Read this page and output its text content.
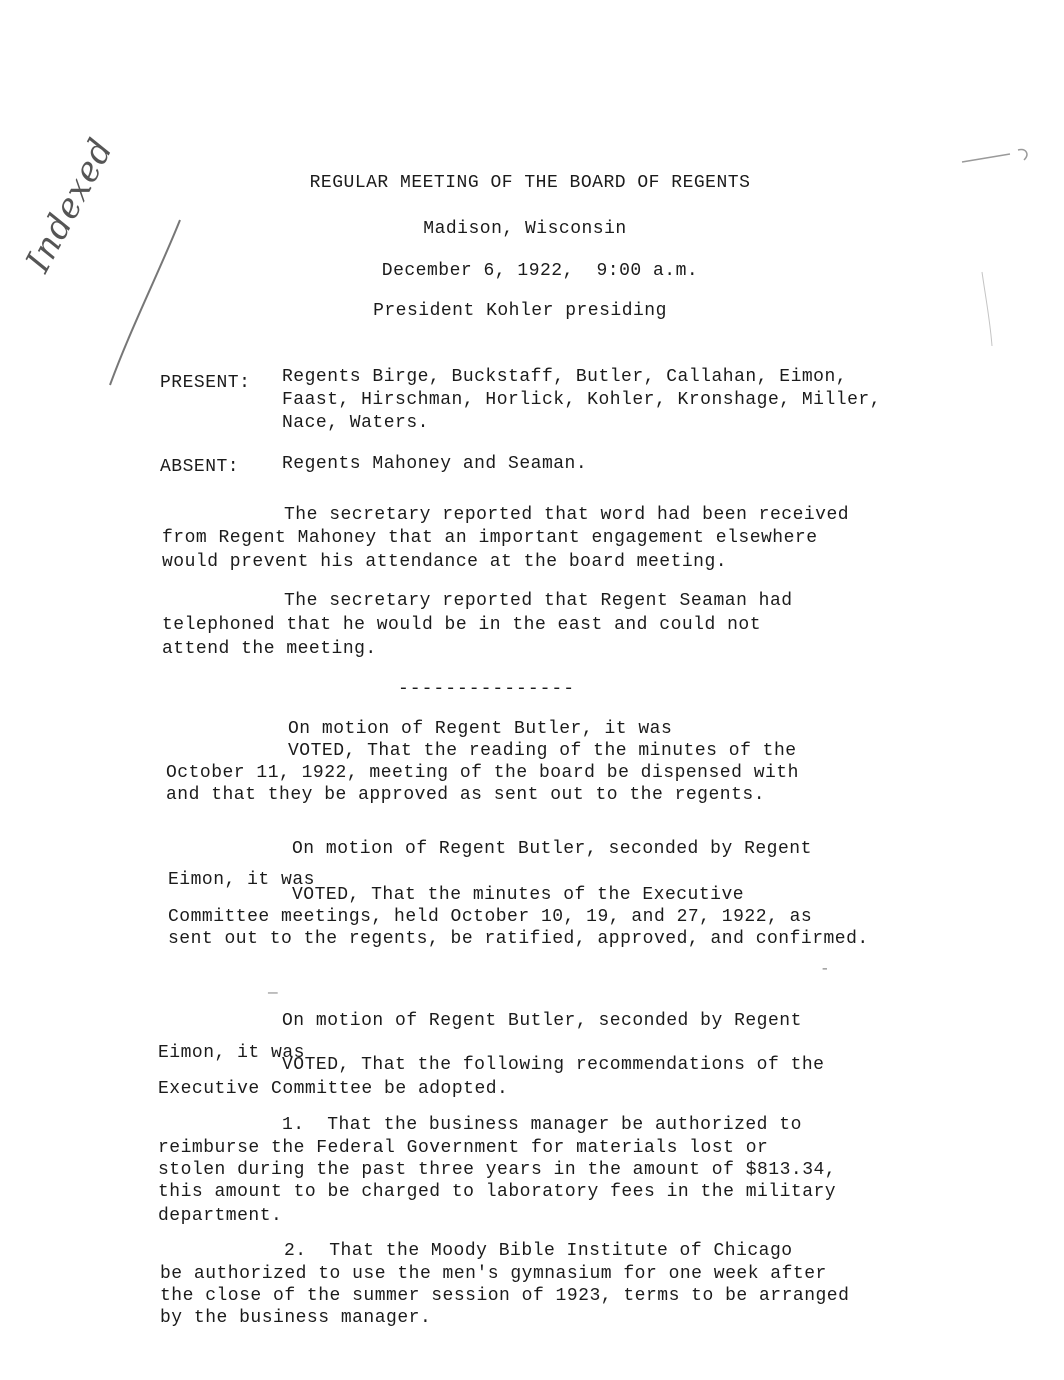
REGULAR MEETING OF THE BOARD OF REGENTS
Madison, Wisconsin
December 6, 1922,  9:00 a.m.
President Kohler presiding
Indexed
PRESENT: Regents Birge, Buckstaff, Butler, Callahan, Eimon,
Faast, Hirschman, Horlick, Kohler, Kronshage, Miller,
Nace, Waters.
ABSENT: Regents Mahoney and Seaman.
The secretary reported that word had been received
from Regent Mahoney that an important engagement elsewhere
would prevent his attendance at the board meeting.
The secretary reported that Regent Seaman had
telephoned that he would be in the east and could not
attend the meeting.
---------------
On motion of Regent Butler, it was
VOTED, That the reading of the minutes of the
October 11, 1922, meeting of the board be dispensed with
and that they be approved as sent out to the regents.
On motion of Regent Butler, seconded by Regent
Eimon, it was
VOTED, That the minutes of the Executive
Committee meetings, held October 10, 19, and 27, 1922, as
sent out to the regents, be ratified, approved, and confirmed.
—
-
On motion of Regent Butler, seconded by Regent
Eimon, it was
VOTED, That the following recommendations of the
Executive Committee be adopted.
1.  That the business manager be authorized to
reimburse the Federal Government for materials lost or
stolen during the past three years in the amount of $813.34,
this amount to be charged to laboratory fees in the military
department.
2.  That the Moody Bible Institute of Chicago
be authorized to use the men's gymnasium for one week after
the close of the summer session of 1923, terms to be arranged
by the business manager.
